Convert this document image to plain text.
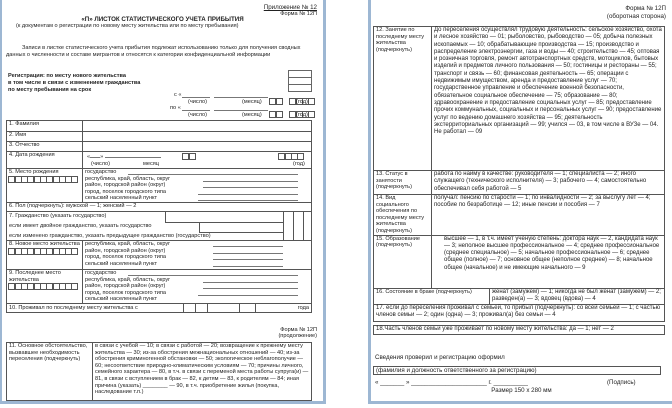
Приложение № 12
Форма № 12П
«П» ЛИСТОК СТАТИСТИЧЕСКОГО УЧЕТА ПРИБЫТИЯ
(к документам о регистрации по новому месту жительства или по месту пребывания)
Записи в листке статистического учета прибытия подлежат использованию только для получения сводных данных о численности и составе мигрантов и относятся к категории конфиденциальной информации
Регистрация: по месту нового жительства
в том числе в связи с изменением гражданства
по месту пребывания на срок
с «
(число)	(месяц)	(год)
по «
(число)	(месяц)	(год)
1. Фамилия	
2. Имя	
3. Отчество	
4. Дата рождения	« »
(число) месяц (год)

5. Место рождения	государство
республика, край, область, округ
район, городской район (округ)
город, поселок городского типа
сельский населенный пункт

6. Пол (подчеркнуть): мужской — 1; женский — 2	

7. Гражданство (указать государство)
если имеет двойное гражданство, указать государство
если изменено гражданство, указать предыдущее гражданство (государство)	

8. Новое место жительства	республика, край, область, округ
район, городской район (округ)
город, поселок городского типа
сельский населенный пункт

9. Последнее место жительства	государство
республика, край, область, округ
район, городской район (округ)
город, поселок городского типа
сельский населенный пункт

10. Проживал по последнему месту жительства с года	
Форма № 12П
(продолжение)
11. Основное обстоятельство, вызвавшее необходимость переселения (подчеркнуть)	в связи с учебой — 10; в связи с работой — 20; возвращение к прежнему месту жительства — 30; из-за обострения межнациональных отношений — 40; из-за обострения криминогенной обстановки — 50; экологическое неблагополучие — 60; несоответствие природно-климатическим условиям — 70; причины личного, семейного характера — 80, в т.ч. в связи с переменой места работы супруга(и) — 81, в связи с вступлением в брак — 82, к детям — 83, к родителям — 84; иная причина (указать) ________ — 90, в т.ч. приобретение жилья (покупка, наследование т.п.)
Форма № 12П
(оборотная сторона)
12. Занятие по последнему месту жительства (подчеркнуть)	До переселения осуществлял трудовую деятельность: сельское хозяйство, охота и лесное хозяйство — 01; рыболовство, рыбоводство — 05; добыча полезных ископаемых — 10; обрабатывающие производства — 15; производство и распределение электроэнергии, газа и воды — 40; строительство — 45; оптовая и розничная торговля, ремонт автотранспортных средств, мотоциклов, бытовых изделий и предметов личного пользования — 50; гостиницы и рестораны — 55; транспорт и связь — 60; финансовая деятельность — 65; операции с недвижимым имуществом, аренда и предоставление услуг — 70; государственное управление и обеспечение военной безопасности, обязательное социальное обеспечение — 75; образование — 80; здравоохранение и предоставление социальных услуг — 85; предоставление прочих коммунальных, социальных и персональных услуг — 90; предоставление услуг по ведению домашнего хозяйства — 95; деятельность экстерриториальных организаций — 99; учился — 03, в том числе в ВУЗе — 04. Не работал — 09	
13. Статус в занятости (подчеркнуть)	работа по найму в качестве: руководителя — 1; специалиста — 2; иного служащего (технического исполнителя) — 3; рабочего — 4; самостоятельно обеспечивал себя работой — 5	
14. Вид социального обеспечения по последнему месту жительства (подчеркнуть)	получал: пенсию по старости — 1; по инвалидности — 2; за выслугу лет — 4; пособие по безработице — 12; иные пенсии и пособия — 7	
15. Образование (подчеркнуть)	высшее — 1, в т.ч. имеет ученую степень: доктора наук — 2, кандидата наук — 3; неполное высшее профессиональное — 4; среднее профессиональное (среднее специальное) — 5; начальное профессиональное — 6; среднее общее (полное) — 7; основное общее (неполное среднее) — 8; начальное общее (начальное) и не имеющие начального — 9	
16. Состояние в браке (подчеркнуть)		женат (замужем) — 1; никогда не был женат (замужем) — 2; разведен(а) — 3; вдовец (вдова) — 4
17. если до переселения проживал с семьей, то прибыл (подчеркнуть): со всей семьей — 1; с частью членов семьи — 2; один (одна) — 3; проживал(а) без семьи — 4		

18.Часть членов семьи уже проживает по новому месту жительства: да — 1; нет — 2		
Сведения проверил и регистрацию оформил
(фамилия и должность ответственного за регистрацию)
« _______ » ______________________ г. __________	(Подпись)
Размер 150 х 280 мм
